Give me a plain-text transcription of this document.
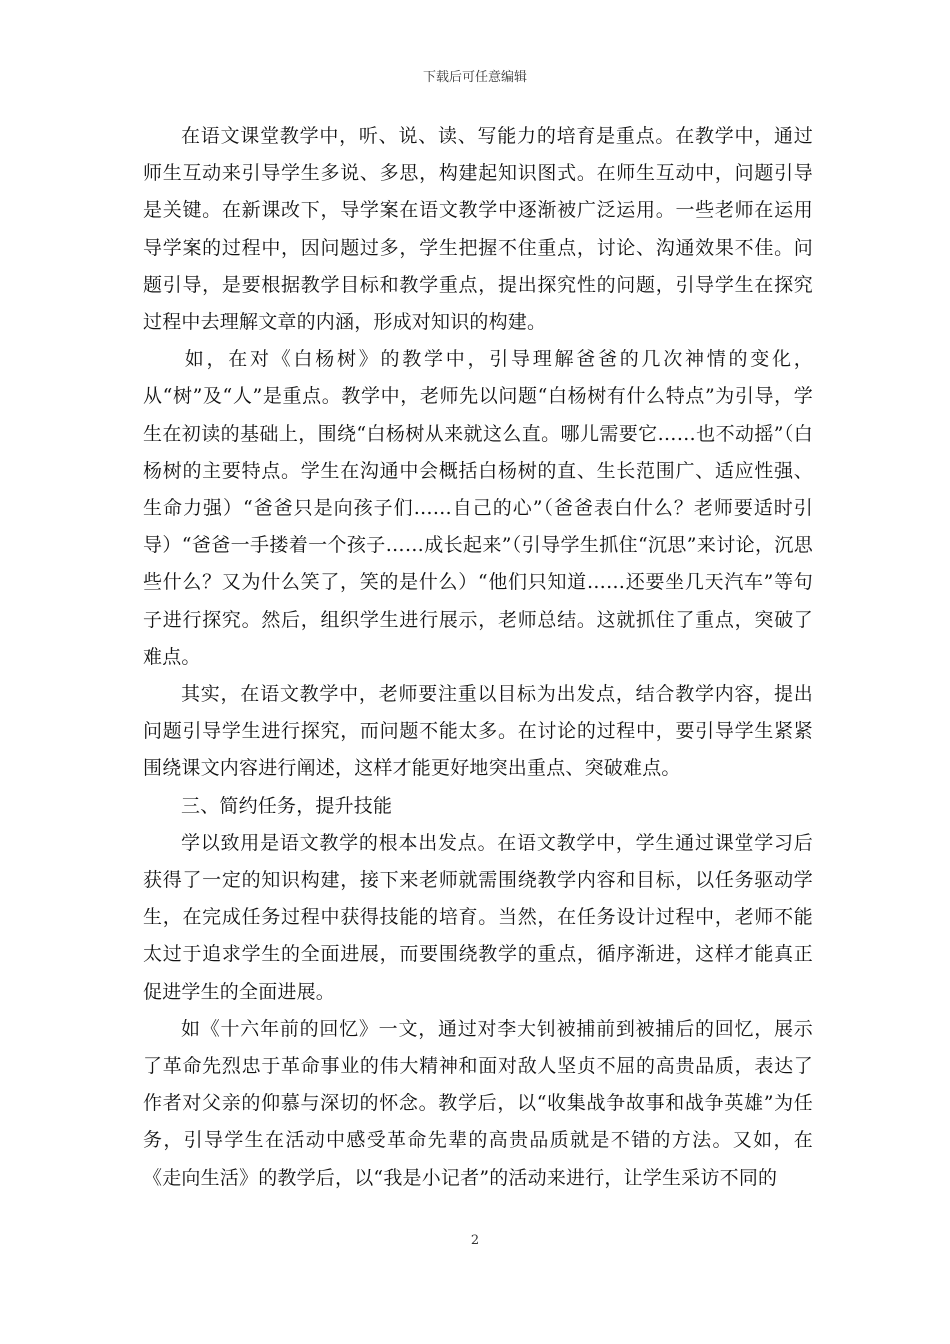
下载后可任意编辑

在语文课堂教学中，听、说、读、写能力的培育是重点。在教学中，通过师生互动来引导学生多说、多思，构建起知识图式。在师生互动中，问题引导是关键。在新课改下，导学案在语文教学中逐渐被广泛运用。一些老师在运用导学案的过程中，因问题过多，学生把握不住重点，讨论、沟通效果不佳。问题引导，是要根据教学目标和教学重点，提出探究性的问题，引导学生在探究过程中去理解文章的内涵，形成对知识的构建。

如，在对《白杨树》的教学中，引导理解爸爸的几次神情的变化，从“树”及“人”是重点。教学中，老师先以问题“白杨树有什么特点”为引导，学生在初读的基础上，围绕“白杨树从来就这么直。哪儿需要它……也不动摇”（白杨树的主要特点。学生在沟通中会概括白杨树的直、生长范围广、适应性强、生命力强）“爸爸只是向孩子们……自己的心”（爸爸表白什么？老师要适时引导）“爸爸一手搂着一个孩子……成长起来”（引导学生抓住“沉思”来讨论，沉思些什么？又为什么笑了，笑的是什么）“他们只知道……还要坐几天汽车”等句子进行探究。然后，组织学生进行展示，老师总结。这就抓住了重点，突破了难点。

其实，在语文教学中，老师要注重以目标为出发点，结合教学内容，提出问题引导学生进行探究，而问题不能太多。在讨论的过程中，要引导学生紧紧围绕课文内容进行阐述，这样才能更好地突出重点、突破难点。

三、简约任务，提升技能

学以致用是语文教学的根本出发点。在语文教学中，学生通过课堂学习后获得了一定的知识构建，接下来老师就需围绕教学内容和目标，以任务驱动学生，在完成任务过程中获得技能的培育。当然，在任务设计过程中，老师不能太过于追求学生的全面进展，而要围绕教学的重点，循序渐进，这样才能真正促进学生的全面进展。

如《十六年前的回忆》一文，通过对李大钊被捕前到被捕后的回忆，展示了革命先烈忠于革命事业的伟大精神和面对敌人坚贞不屈的高贵品质，表达了作者对父亲的仰慕与深切的怀念。教学后，以“收集战争故事和战争英雄”为任务，引导学生在活动中感受革命先辈的高贵品质就是不错的方法。又如，在《走向生活》的教学后，以“我是小记者”的活动来进行，让学生采访不同的

2
